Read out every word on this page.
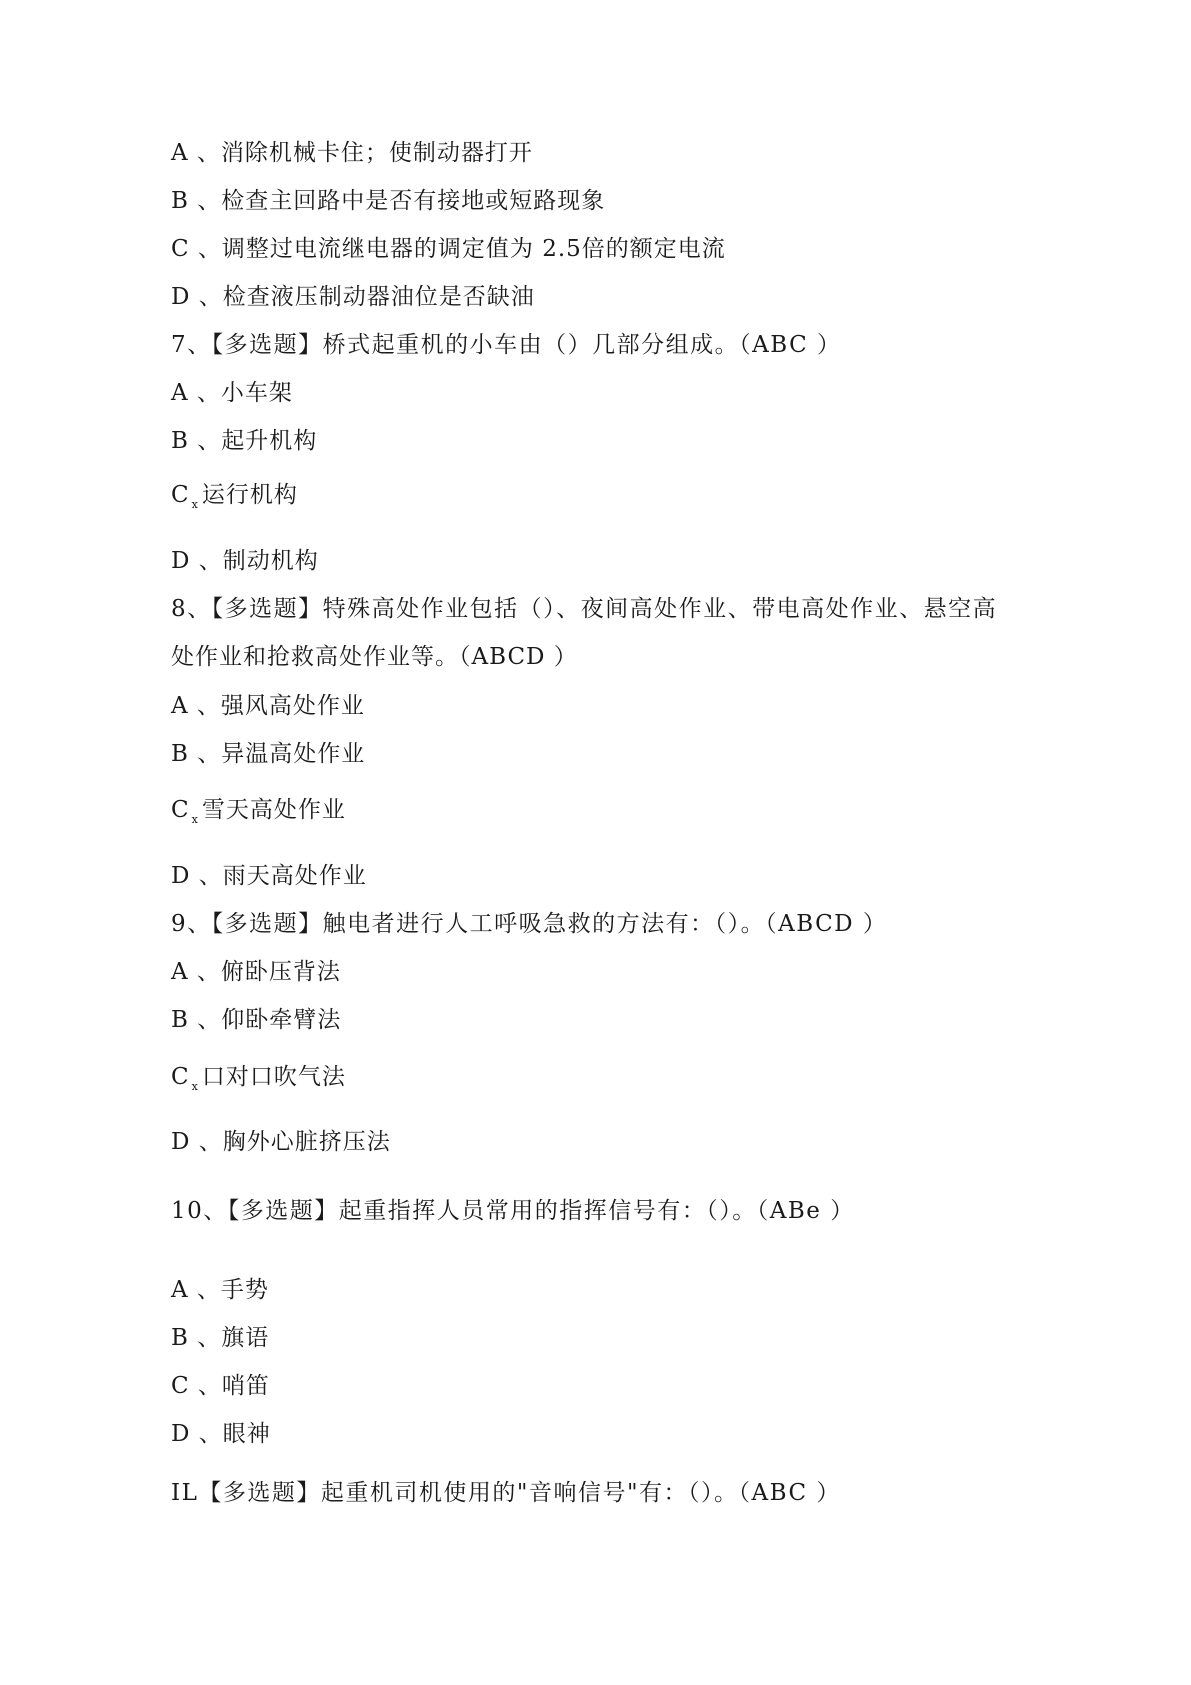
A 、消除机械卡住；使制动器打开
B 、检查主回路中是否有接地或短路现象
C 、调整过电流继电器的调定值为 2.5倍的额定电流
D 、检查液压制动器油位是否缺油
7、【多选题】桥式起重机的小车由（）几部分组成。（ABC ）
A 、小车架
B 、起升机构
C $_x$ 运行机构
D 、制动机构
8、【多选题】特殊高处作业包括（）、夜间高处作业、带电高处作业、悬空高
处作业和抢救高处作业等。（ABCD ）
A 、强风高处作业
B 、异温高处作业
C $_x$ 雪天高处作业
D 、雨天高处作业
9、【多选题】触电者进行人工呼吸急救的方法有：（）。（ABCD ）
A 、俯卧压背法
B 、仰卧牵臂法
C $_x$ 口对口吹气法
D 、胸外心脏挤压法
10、【多选题】起重指挥人员常用的指挥信号有：（）。（ABe ）
A 、手势
B 、旗语
C 、哨笛
D 、眼神
IL【多选题】起重机司机使用的"音响信号"有：（）。（ABC ）
